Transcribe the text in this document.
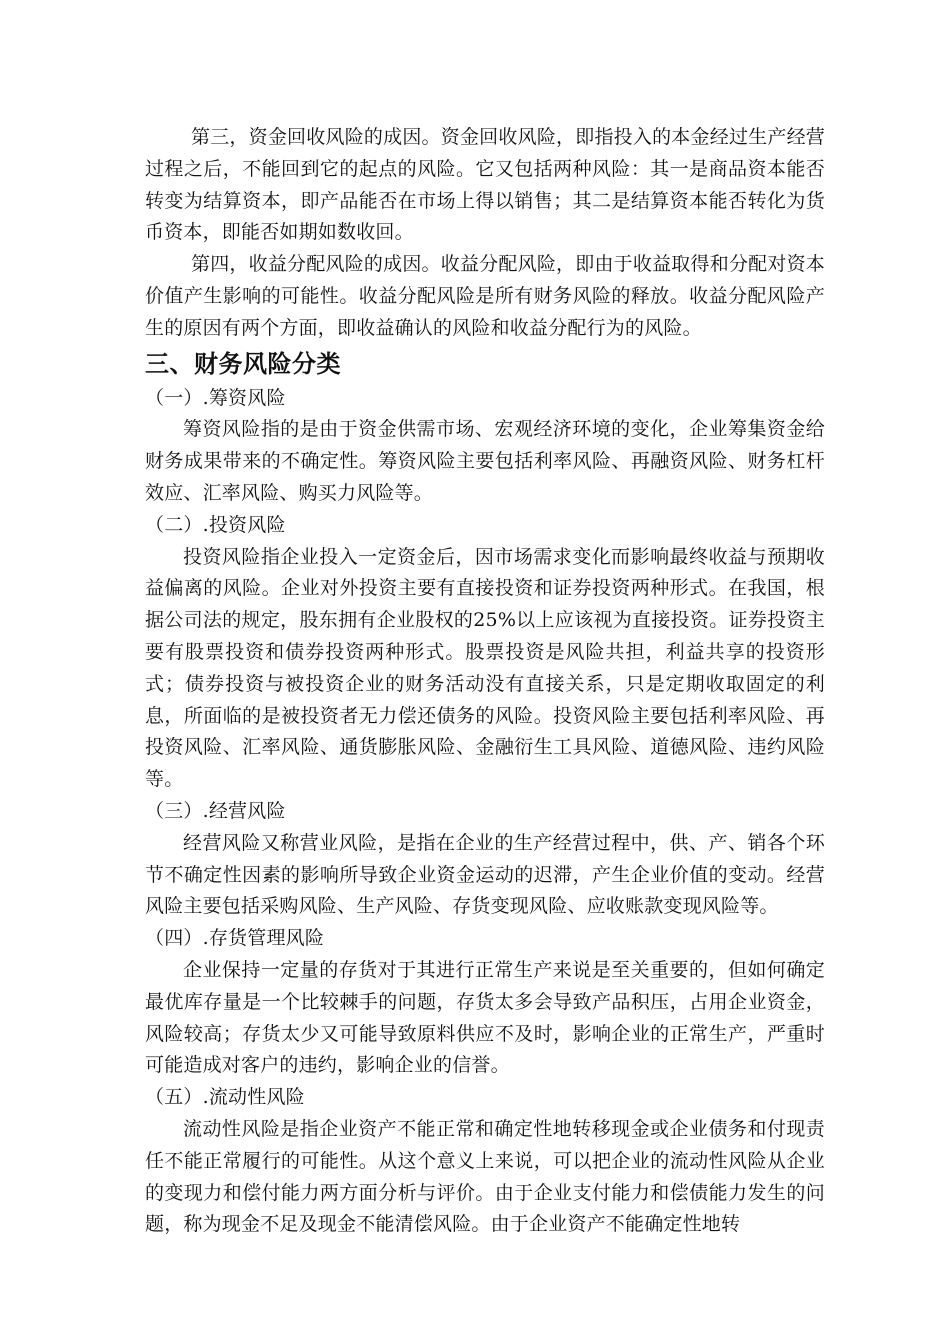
第三，资金回收风险的成因。资金回收风险，即指投入的本金经过生产经营过程之后，不能回到它的起点的风险。它又包括两种风险：其一是商品资本能否转变为结算资本，即产品能否在市场上得以销售；其二是结算资本能否转化为货币资本，即能否如期如数收回。

第四，收益分配风险的成因。收益分配风险，即由于收益取得和分配对资本价值产生影响的可能性。收益分配风险是所有财务风险的释放。收益分配风险产生的原因有两个方面，即收益确认的风险和收益分配行为的风险。

三、财务风险分类

（一）.筹资风险

筹资风险指的是由于资金供需市场、宏观经济环境的变化，企业筹集资金给财务成果带来的不确定性。筹资风险主要包括利率风险、再融资风险、财务杠杆效应、汇率风险、购买力风险等。

（二）.投资风险

投资风险指企业投入一定资金后，因市场需求变化而影响最终收益与预期收益偏离的风险。企业对外投资主要有直接投资和证券投资两种形式。在我国，根据公司法的规定，股东拥有企业股权的25%以上应该视为直接投资。证券投资主要有股票投资和债券投资两种形式。股票投资是风险共担，利益共享的投资形式；债券投资与被投资企业的财务活动没有直接关系，只是定期收取固定的利息，所面临的是被投资者无力偿还债务的风险。投资风险主要包括利率风险、再投资风险、汇率风险、通货膨胀风险、金融衍生工具风险、道德风险、违约风险等。

（三）.经营风险

经营风险又称营业风险，是指在企业的生产经营过程中，供、产、销各个环节不确定性因素的影响所导致企业资金运动的迟滞，产生企业价值的变动。经营风险主要包括采购风险、生产风险、存货变现风险、应收账款变现风险等。

（四）.存货管理风险

企业保持一定量的存货对于其进行正常生产来说是至关重要的，但如何确定最优库存量是一个比较棘手的问题，存货太多会导致产品积压，占用企业资金，风险较高；存货太少又可能导致原料供应不及时，影响企业的正常生产，严重时可能造成对客户的违约，影响企业的信誉。

（五）.流动性风险

流动性风险是指企业资产不能正常和确定性地转移现金或企业债务和付现责任不能正常履行的可能性。从这个意义上来说，可以把企业的流动性风险从企业的变现力和偿付能力两方面分析与评价。由于企业支付能力和偿债能力发生的问题，称为现金不足及现金不能清偿风险。由于企业资产不能确定性地转
